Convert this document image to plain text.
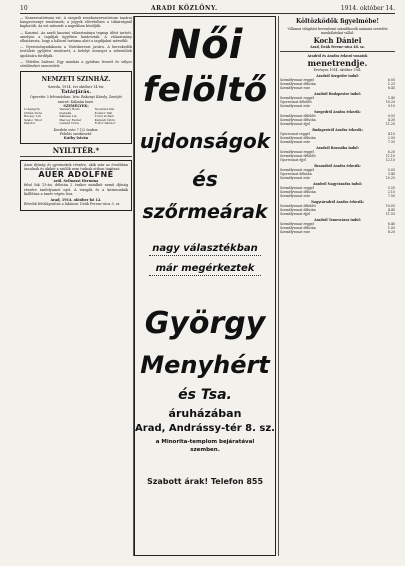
10	ARADI KÖZLÖNY.	1914. október 14.

— Konzervatóriumi est. A szegedi zenekonzervatórium tanárai hangversenyt rendeznek; a jegyek elővételben a titkárságnál kaphatók. Az est műsorát a napokban közöljük.

— Kaszinó. Az aradi kaszinó választmánya tegnap ülést tartott, amelyen a tagdíjak ügyében határoztak. A választmány elhatározta, hogy a háború tartama alatt a tagdíjakat mérsékli.

— Nyereményadakozás a Vöröskereszt javára. A kereskedők testülete gyűjtést rendezett; a befolyt összeget a sebesültek ápolására fordítják.

— Véletlen baleset. Egy munkás a gyárban leesett és súlyos sérüléseket szenvedett.

NEMZETI SZINHÁZ.
Szerda, 1914. évi október 14-én:
Tatárjárás.
Operette 3 felvonásban. Irta: Bakonyi Károly. Zenéjét szerzé: Kálmán Imre.
SZEMÉLYEK:
Lohengrin	Vasváry Bodó	Nyelvész Pál
Orbán Dóra	Izabella	Kondor Vali
Récsey Lili	Kálmán Lia	Turul Zoltán
Szabó Tibor	Marosy Eszter	Kárpáti Ödön
Pásztor	Lénárd Nóra	Fodor Sándor
Kezdete este 7 1/2 órakor.
Felelős szerkesztő:
Kuthy István
NYILTTÉR.*

Azon ifjúság és gyermekek részére, akik már az óvodában tanulnak és akiket a szülők nem tudnak otthon tanítani:

AUER ADOLFNÉ
szül. Selinassi Hermina

felső fok 13-án, délután 2 órakor mindkét nemű ifjúság részére tanfolyamot nyit. A vizsgák és a kézimunkák kiállítása a tanév végén lesz.

Arad, 1914. október hó 12.

Bővebb felvilágosítás a lakáson: Deák Ferenc-utca 3. sz.

Női
felöltő
ujdonságok
és
szőrmeárak
nagy választékban
már megérkeztek
György
Menyhért
és Tsa.
áruházában
Arad, Andrássy-tér 8. sz.
a Minorita-templom bejáratával
szemben.
Szabott árak! Telefon 855
Költözködők figyelmébe!

Villamos világítást berendezni szándékozók számára szerelési munkálatokat vállal:

Koch Dániel
Arad, Deák Ferenc-utca 48. sz.
Aradról és Aradra érkező vonatok
menetrendje.
Érvényes 1914. október 1-től.
Aradról Szegedre indul:
Személyvonat reggel	6.05
Személyvonat délután	1.25
Személyvonat este	8.45
Aradról Budapestre indul:
Személyvonat reggel	5.40
Gyorsvonat délelőtt	10.20
Személyvonat este	9.10
Szegedről Aradra érkezik:
Személyvonat délelőtt	9.55
Személyvonat délután	4.30
Személyvonat éjjel	11.20
Budapestről Aradra érkezik:
Gyorsvonat reggel	4.15
Személyvonat délután	2.50
Személyvonat este	7.35
Aradról Brassóba indul:
Személyvonat reggel	6.20
Személyvonat délelőtt	11.10
Gyorsvonat éjjel	12.15
Brassóból Aradra érkezik:
Személyvonat reggel	5.05
Gyorsvonat délután	3.40
Személyvonat este	10.25
Aradról Nagyváradra indul:
Személyvonat reggel	5.55
Személyvonat délután	2.15
Személyvonat este	7.50
Nagyváradról Aradra érkezik:
Személyvonat délelőtt	10.05
Személyvonat délután	4.45
Személyvonat éjjel	11.55
Aradról Temesvárra indul:
Személyvonat reggel	6.40
Személyvonat délután	1.05
Személyvonat este	8.20
